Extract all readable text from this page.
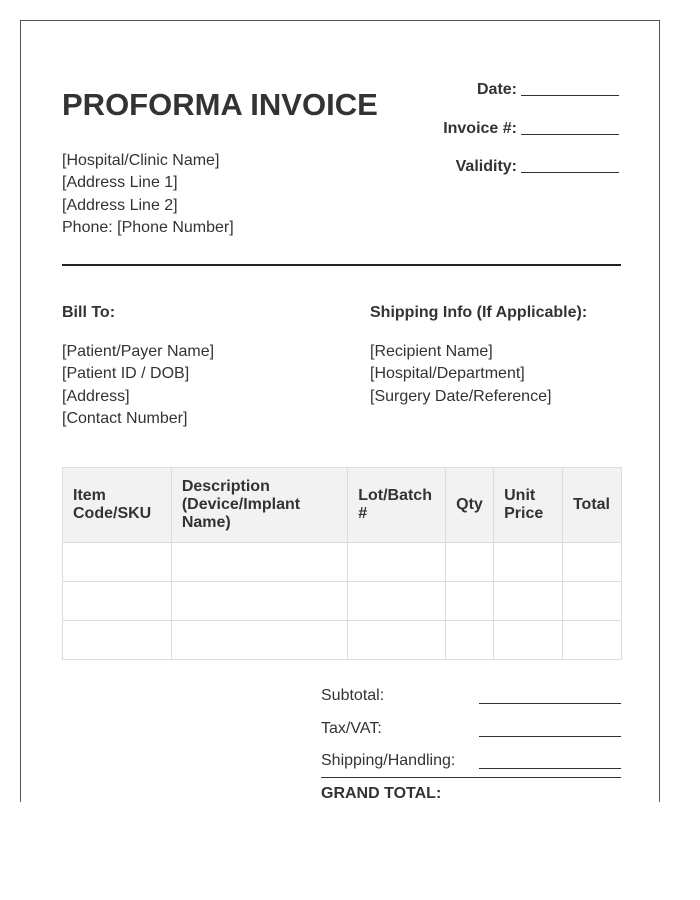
PROFORMA INVOICE
[Hospital/Clinic Name]
[Address Line 1]
[Address Line 2]
Phone: [Phone Number]
Date:
Invoice #:
Validity:
Bill To:
[Patient/Payer Name]
[Patient ID / DOB]
[Address]
[Contact Number]
Shipping Info (If Applicable):
[Recipient Name]
[Hospital/Department]
[Surgery Date/Reference]
Item Code/SKU	Description (Device/Implant Name)	Lot/Batch #	Qty	Unit Price	Total

Subtotal:
Tax/VAT:
Shipping/Handling:
GRAND TOTAL:
